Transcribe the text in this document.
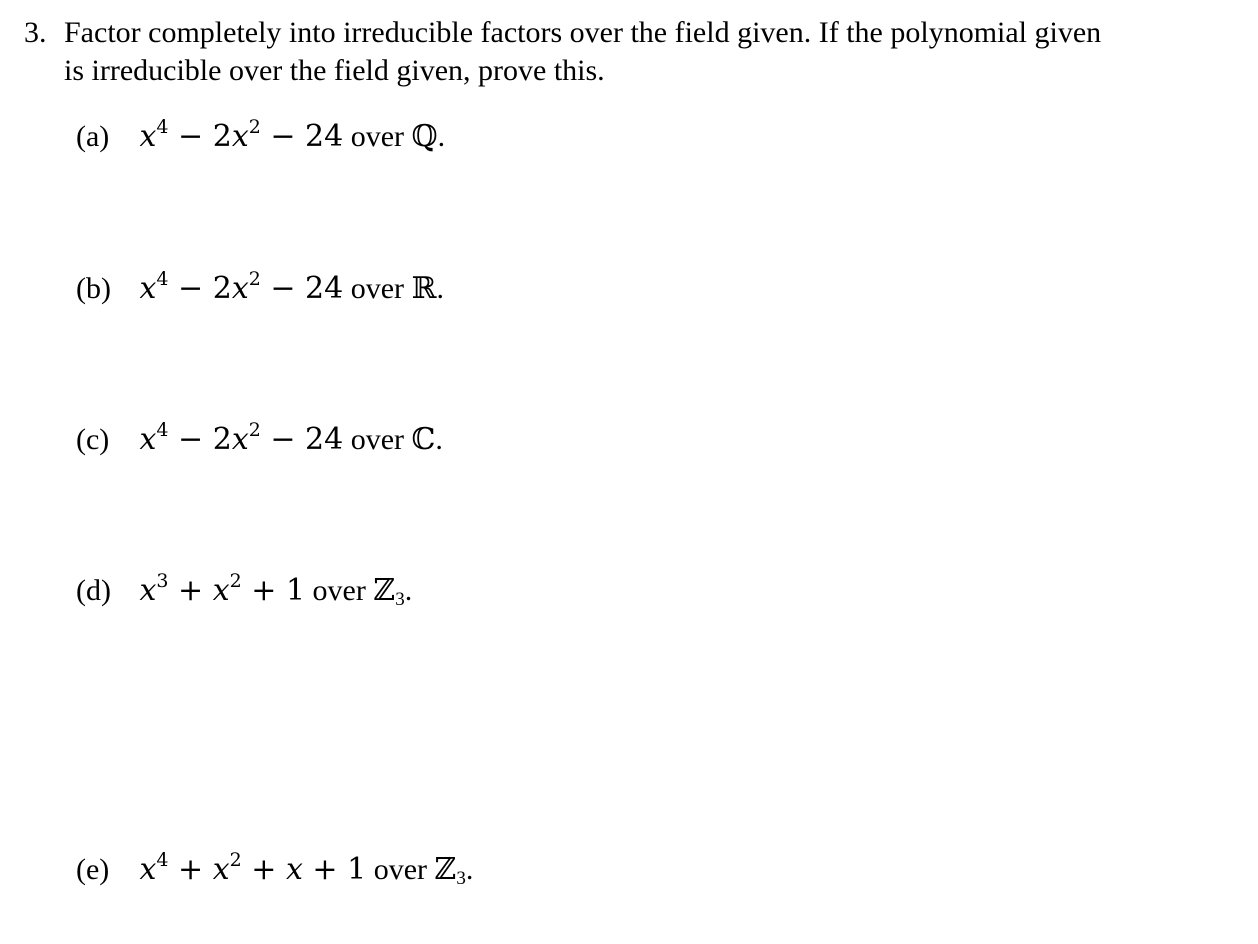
3. Factor completely into irreducible factors over the field given. If the polynomial given
is irreducible over the field given, prove this.
(a) $x^4 - 2x^2 - 24$ over ℚ.
(b) $x^4 - 2x^2 - 24$ over ℝ.
(c) $x^4 - 2x^2 - 24$ over ℂ.
(d) $x^3 + x^2 + 1$ over ℤ$_3$.
(e) $x^4 + x^2 + x + 1$ over ℤ$_3$.
